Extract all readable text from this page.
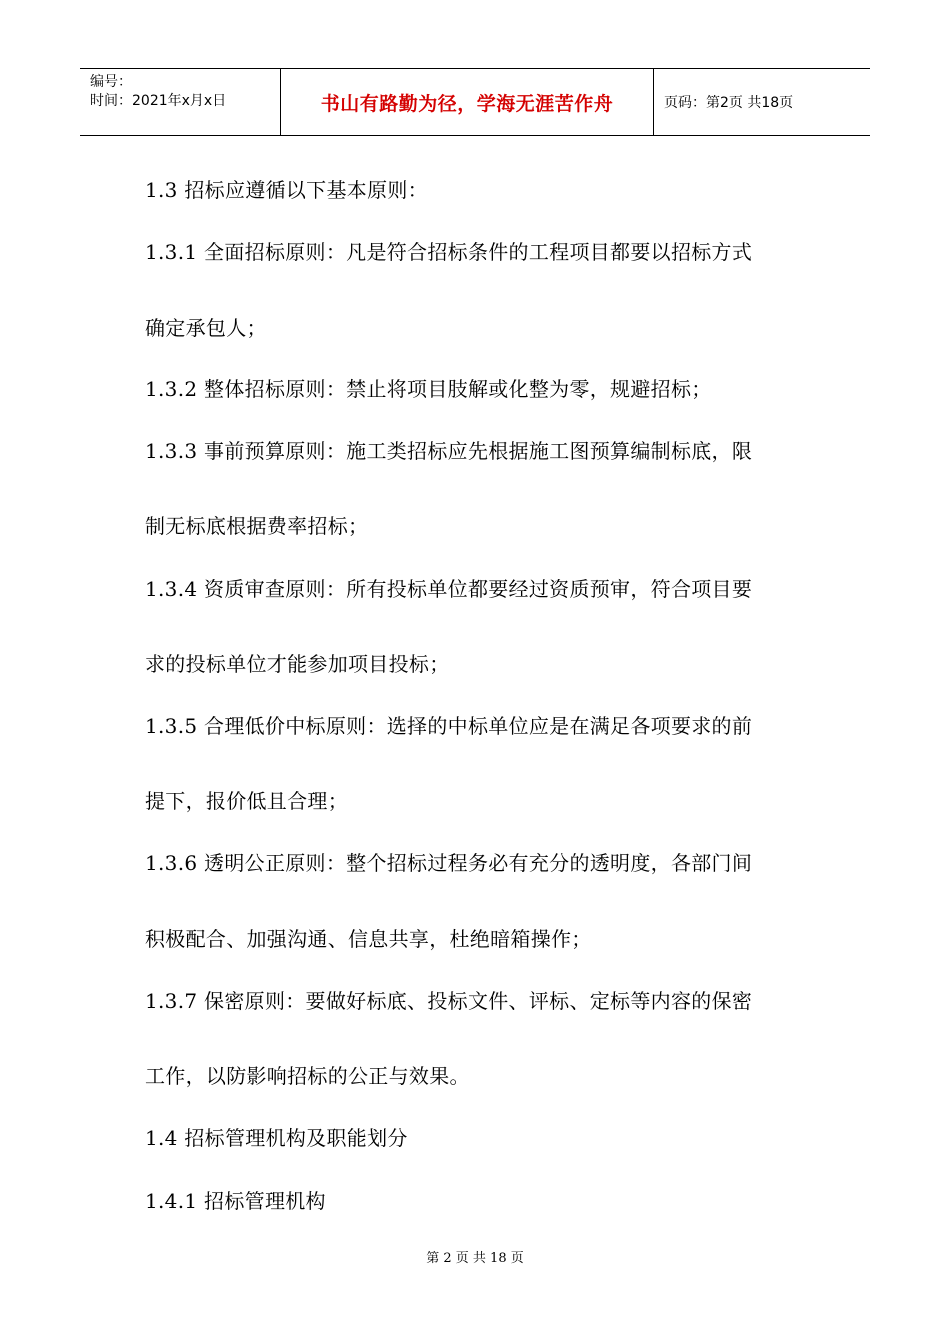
编号：
时间：2021年x月x日	书山有路勤为径，学海无涯苦作舟	页码：第2页 共18页
1.3 招标应遵循以下基本原则：
1.3.1 全面招标原则：凡是符合招标条件的工程项目都要以招标方式
确定承包人；
1.3.2 整体招标原则：禁止将项目肢解或化整为零，规避招标；
1.3.3 事前预算原则：施工类招标应先根据施工图预算编制标底，限
制无标底根据费率招标；
1.3.4 资质审查原则：所有投标单位都要经过资质预审，符合项目要
求的投标单位才能参加项目投标；
1.3.5 合理低价中标原则：选择的中标单位应是在满足各项要求的前
提下，报价低且合理；
1.3.6 透明公正原则：整个招标过程务必有充分的透明度，各部门间
积极配合、加强沟通、信息共享，杜绝暗箱操作；
1.3.7 保密原则：要做好标底、投标文件、评标、定标等内容的保密
工作，以防影响招标的公正与效果。
1.4 招标管理机构及职能划分
1.4.1 招标管理机构
第 2 页 共 18 页
